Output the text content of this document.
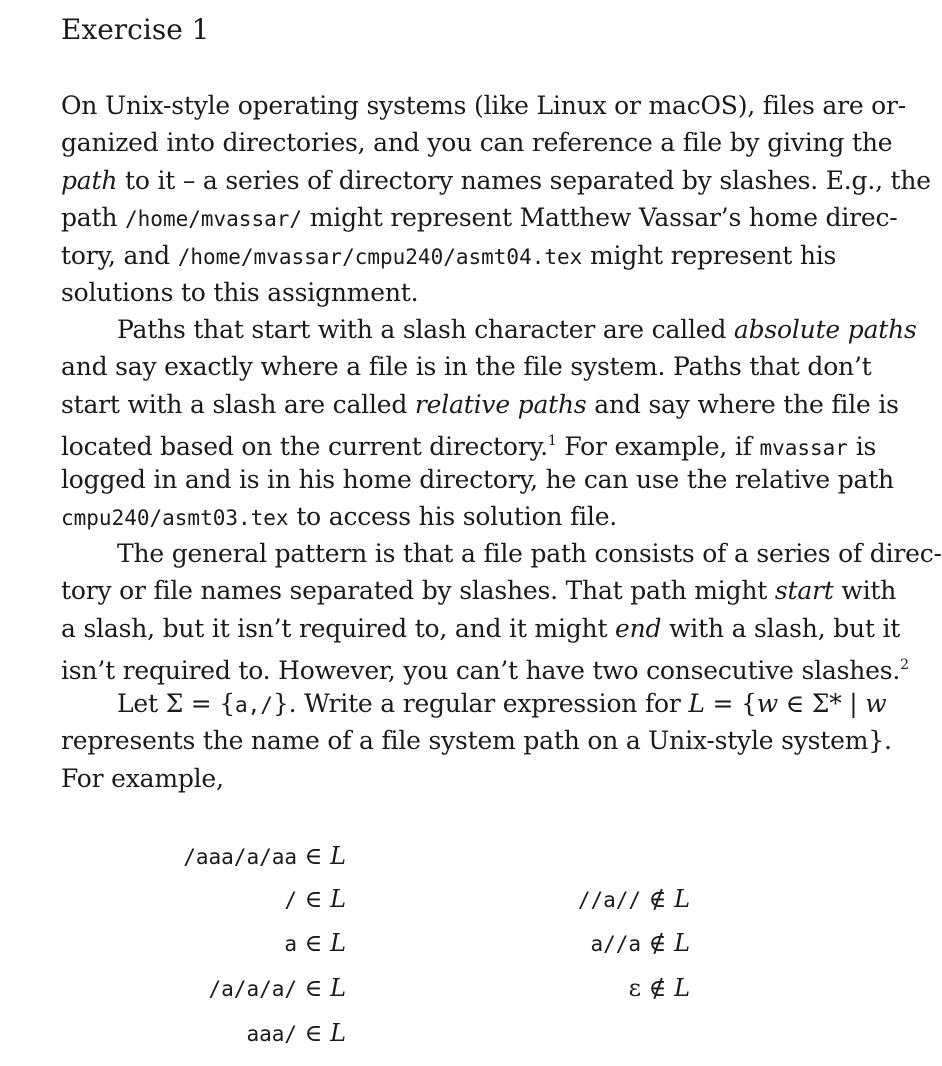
Exercise 1
On Unix-style operating systems (like Linux or macOS), files are or-
ganized into directories, and you can reference a file by giving the
path to it – a series of directory names separated by slashes. E.g., the
path /home/mvassar/ might represent Matthew Vassar’s home direc-
tory, and /home/mvassar/cmpu240/asmt04.tex might represent his
solutions to this assignment.
Paths that start with a slash character are called absolute paths
and say exactly where a file is in the file system. Paths that don’t
start with a slash are called relative paths and say where the file is
located based on the current directory.$^1$ For example, if mvassar is
logged in and is in his home directory, he can use the relative path
cmpu240/asmt03.tex to access his solution file.
The general pattern is that a file path consists of a series of direc-
tory or file names separated by slashes. That path might start with
a slash, but it isn’t required to, and it might end with a slash, but it
isn’t required to. However, you can’t have two consecutive slashes.$^2$
Let Σ = {a,/}. Write a regular expression for L = {w ∈ Σ* | w
represents the name of a file system path on a Unix-style system}.
For example,
/aaa/a/aa ∈ L
/ ∈ L
a ∈ L
/a/a/a/ ∈ L
aaa/ ∈ L
//a// ∉ L
a//a ∉ L
ε ∉ L
